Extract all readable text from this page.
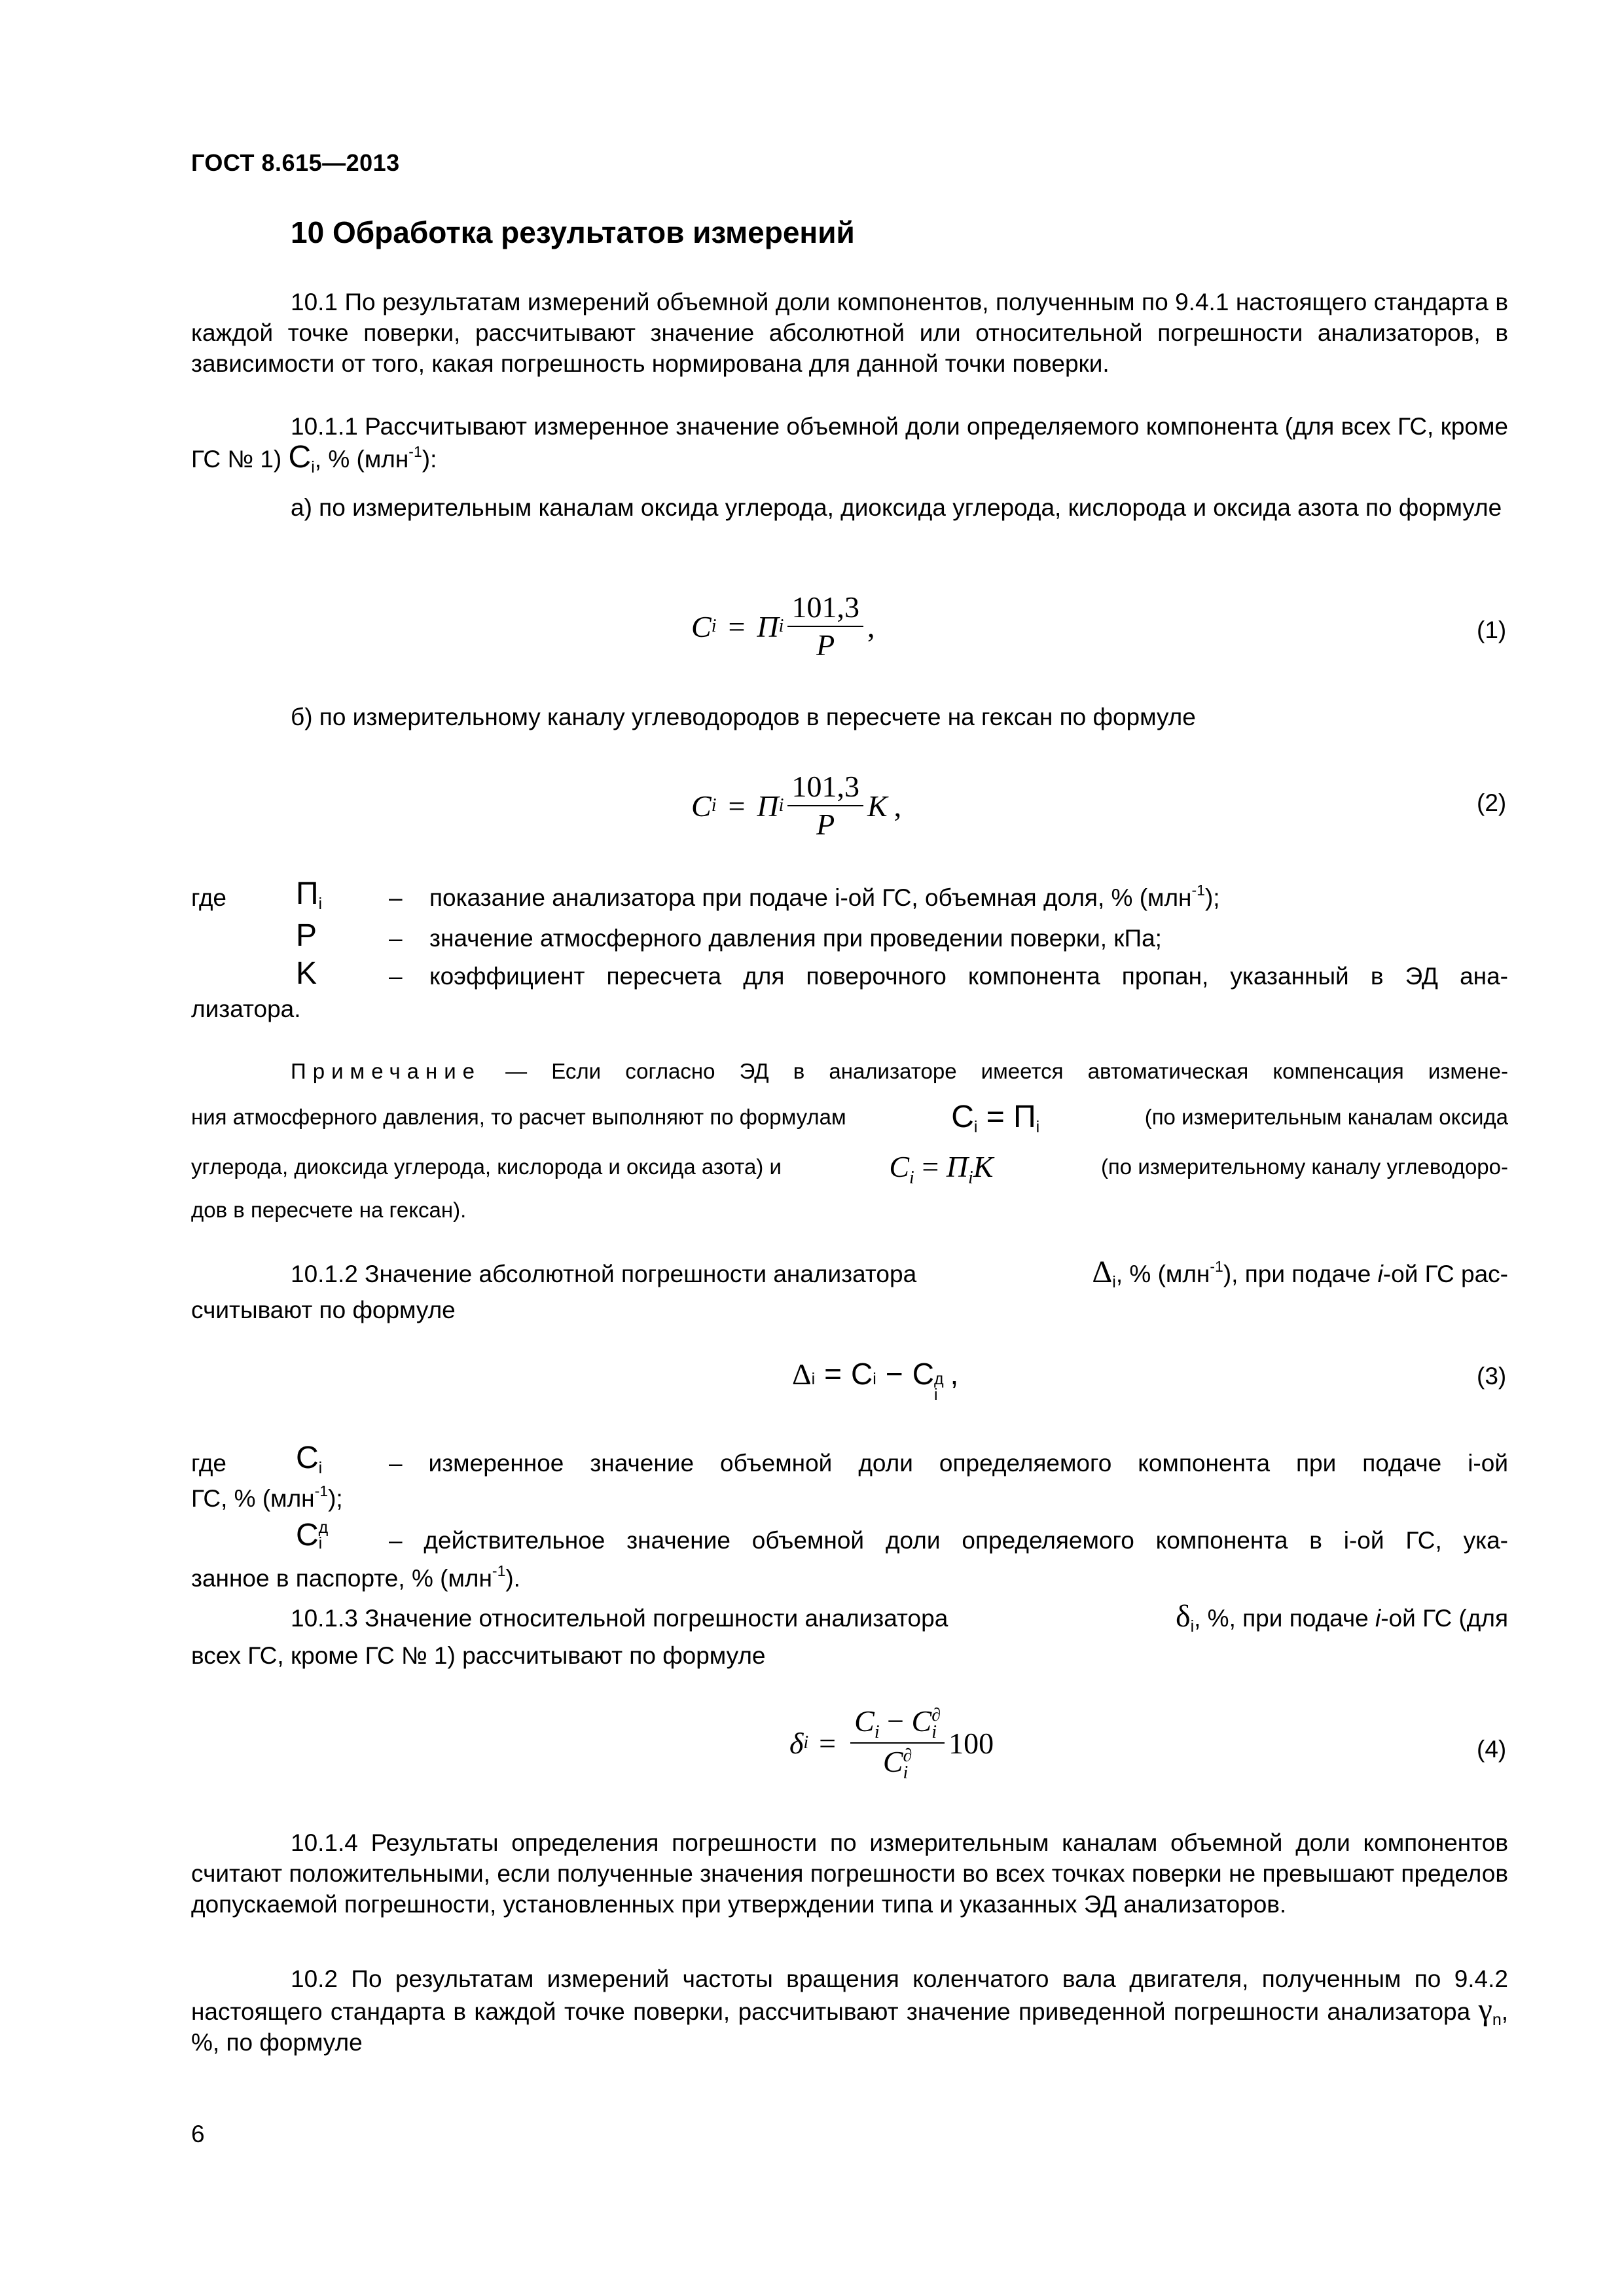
ГОСТ 8.615—2013
10 Обработка результатов измерений
10.1 По результатам измерений объемной доли компонентов, полученным по 9.4.1 настоящего стандарта в каждой точке поверки, рассчитывают значение абсолютной или относительной погрешности анализаторов, в зависимости от того, какая погрешность нормирована для данной точки поверки.
10.1.1 Рассчитывают измеренное значение объемной доли определяемого компонента (для всех ГС, кроме ГС № 1) $C_i$, % (млн$^{-1}$):
а) по измерительным каналам оксида углерода, диоксида углерода, кислорода и оксида азота по формуле
C i = П i $\frac{101,3}{P}$ ,	(1)
б) по измерительному каналу углеводородов в пересчете на гексан по формуле
C i = П i $\frac{101,3}{P}$ K ,	(2)
где $П_i$	– показание анализатора при подаче i-ой ГС, объемная доля, % (млн$^{-1}$);
P	– значение атмосферного давления при проведении поверки, кПа;
K	– коэффициент пересчета для поверочного компонента пропан, указанный в ЭД ана-
лизатора.
Примечание — Если согласно ЭД в анализаторе имеется автоматическая компенсация измене-
ния атмосферного давления, то расчет выполняют по формулам	$C_i = П_i$	(по измерительным каналам оксида
углерода, диоксида углерода, кислорода и оксида азота) и	$C_i = П_iK$	(по измерительному каналу углеводоро-
дов в пересчете на гексан).
10.1.2 Значение абсолютной погрешности анализатора	$\Delta_i$, % (млн$^{-1}$), при подаче i-ой ГС рас-
считывают по формуле
Δ i = C i − C д
i
,	(3)
где $C_i$	– измеренное значение объемной доли определяемого компонента при подаче i-ой
ГС, % (млн$^{-1}$);
C д
i	– действительное значение объемной доли определяемого компонента в i-ой ГС, ука-
занное в паспорте, % (млн$^{-1}$).
10.1.3 Значение относительной погрешности анализатора	$\delta_i$, %, при подаче i-ой ГС (для
всех ГС, кроме ГС № 1) рассчитывают по формуле
δ $i = C_i - C$ ∂
i
C ∂
i 100	(4)
10.1.4 Результаты определения погрешности по измерительным каналам объемной доли компонентов считают положительными, если полученные значения погрешности во всех точках поверки не превышают пределов допускаемой погрешности, установленных при утверждении типа и указанных ЭД анализаторов.
10.2 По результатам измерений частоты вращения коленчатого вала двигателя, полученным по 9.4.2 настоящего стандарта в каждой точке поверки, рассчитывают значение приведенной погрешности анализатора $\gamma_n$, %, по формуле
6
